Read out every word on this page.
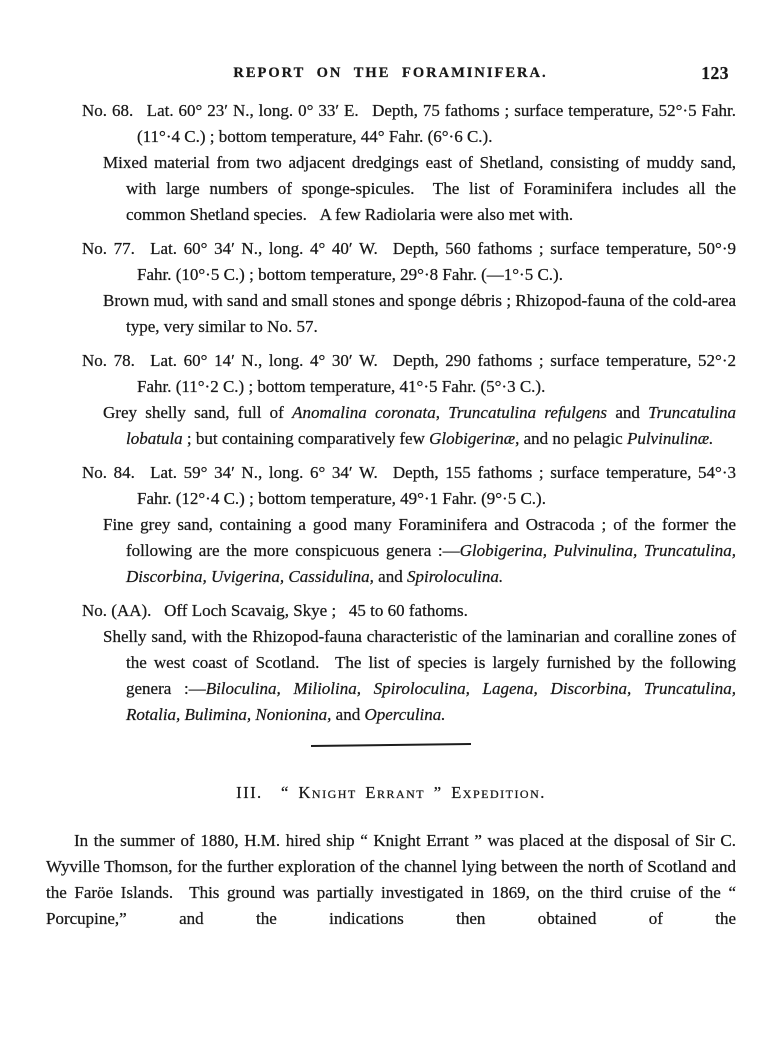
REPORT ON THE FORAMINIFERA.	123

No. 68.  Lat. 60° 23′ N., long. 0° 33′ E.  Depth, 75 fathoms ; surface temperature, 52°·5 Fahr. (11°·4 C.) ; bottom temperature, 44° Fahr. (6°·6 C.).

Mixed material from two adjacent dredgings east of Shetland, consisting of muddy sand, with large numbers of sponge-spicules.  The list of Foraminifera includes all the common Shetland species.  A few Radiolaria were also met with.

No. 77.  Lat. 60° 34′ N., long. 4° 40′ W.  Depth, 560 fathoms ; surface temperature, 50°·9 Fahr. (10°·5 C.) ; bottom temperature, 29°·8 Fahr. (—1°·5 C.).

Brown mud, with sand and small stones and sponge débris ; Rhizopod-fauna of the cold-area type, very similar to No. 57.

No. 78.  Lat. 60° 14′ N., long. 4° 30′ W.  Depth, 290 fathoms ; surface temperature, 52°·2 Fahr. (11°·2 C.) ; bottom temperature, 41°·5 Fahr. (5°·3 C.).

Grey shelly sand, full of Anomalina coronata, Truncatulina refulgens and Truncatulina lobatula ; but containing comparatively few Globigerinæ, and no pelagic Pulvinulinæ.

No. 84.  Lat. 59° 34′ N., long. 6° 34′ W.  Depth, 155 fathoms ; surface temperature, 54°·3 Fahr. (12°·4 C.) ; bottom temperature, 49°·1 Fahr. (9°·5 C.).

Fine grey sand, containing a good many Foraminifera and Ostracoda ; of the former the following are the more conspicuous genera :—Globigerina, Pulvinulina, Truncatulina, Discorbina, Uvigerina, Cassidulina, and Spiroloculina.

No. (AA).  Off Loch Scavaig, Skye ;  45 to 60 fathoms.

Shelly sand, with the Rhizopod-fauna characteristic of the laminarian and coralline zones of the west coast of Scotland.  The list of species is largely furnished by the following genera :—Biloculina, Miliolina, Spiroloculina, Lagena, Discorbina, Truncatulina, Rotalia, Bulimina, Nonionina, and Operculina.

III.  “ Knight Errant ” Expedition.

In the summer of 1880, H.M. hired ship “ Knight Errant ” was placed at the disposal of Sir C. Wyville Thomson, for the further exploration of the channel lying between the north of Scotland and the Faröe Islands.  This ground was partially investigated in 1869, on the third cruise of the “ Porcupine,” and the indications then obtained of the
